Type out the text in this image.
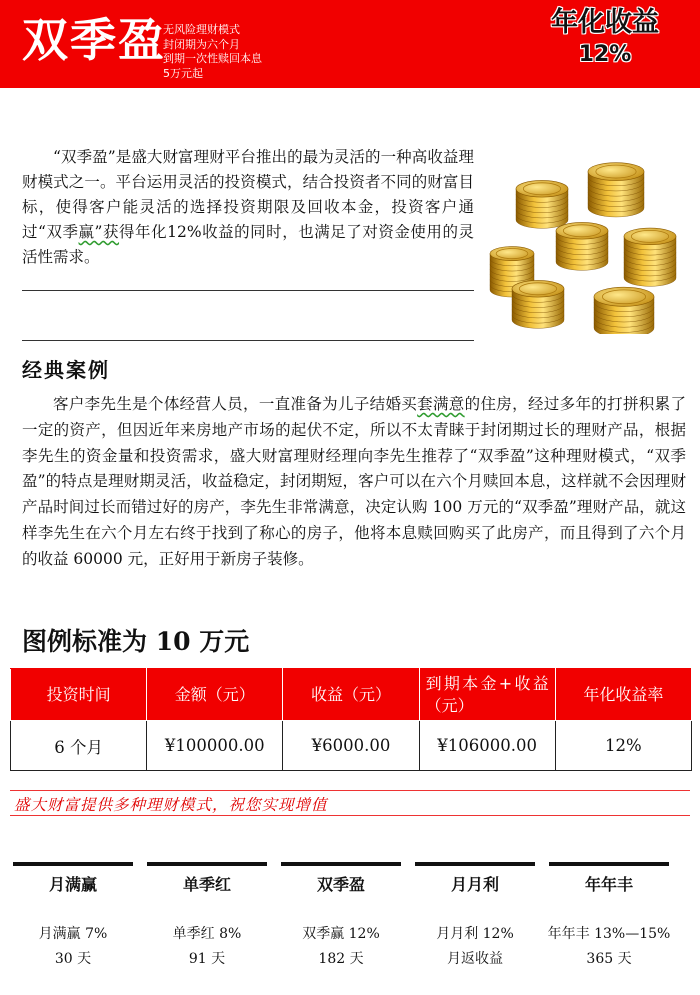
双季盈
无风险理财模式
封闭期为六个月
到期一次性赎回本息
5万元起
年化收益
12%

“双季盈”是盛大财富理财平台推出的最为灵活的一种高收益理财模式之一。平台运用灵活的投资模式，结合投资者不同的财富目标，使得客户能灵活的选择投资期限及回收本金，投资客户通过“双季赢”获得年化12%收益的同时，也满足了对资金使用的灵活性需求。

经典案例

客户李先生是个体经营人员，一直准备为儿子结婚买套满意的住房，经过多年的打拼积累了一定的资产，但因近年来房地产市场的起伏不定，所以不太青睐于封闭期过长的理财产品，根据李先生的资金量和投资需求，盛大财富理财经理向李先生推荐了“双季盈”这种理财模式，“双季盈”的特点是理财期灵活，收益稳定，封闭期短，客户可以在六个月赎回本息，这样就不会因理财产品时间过长而错过好的房产，李先生非常满意，决定认购 100 万元的“双季盈”理财产品，就这样李先生在六个月左右终于找到了称心的房子，他将本息赎回购买了此房产，而且得到了六个月的收益 60000 元，正好用于新房子装修。

图例标准为 10 万元
投资时间	金额（元）	收益（元）	到期本金+收益（元）	年化收益率
6 个月	¥100000.00	¥6000.00	¥106000.00	12%
盛大财富提供多种理财模式，祝您实现增值
月满赢
月满赢 7%
30 天
单季红
单季红 8%
91 天
双季盈
双季赢 12%
182 天
月月利
月月利 12%
月返收益
年年丰
年年丰 13%—15%
365 天
